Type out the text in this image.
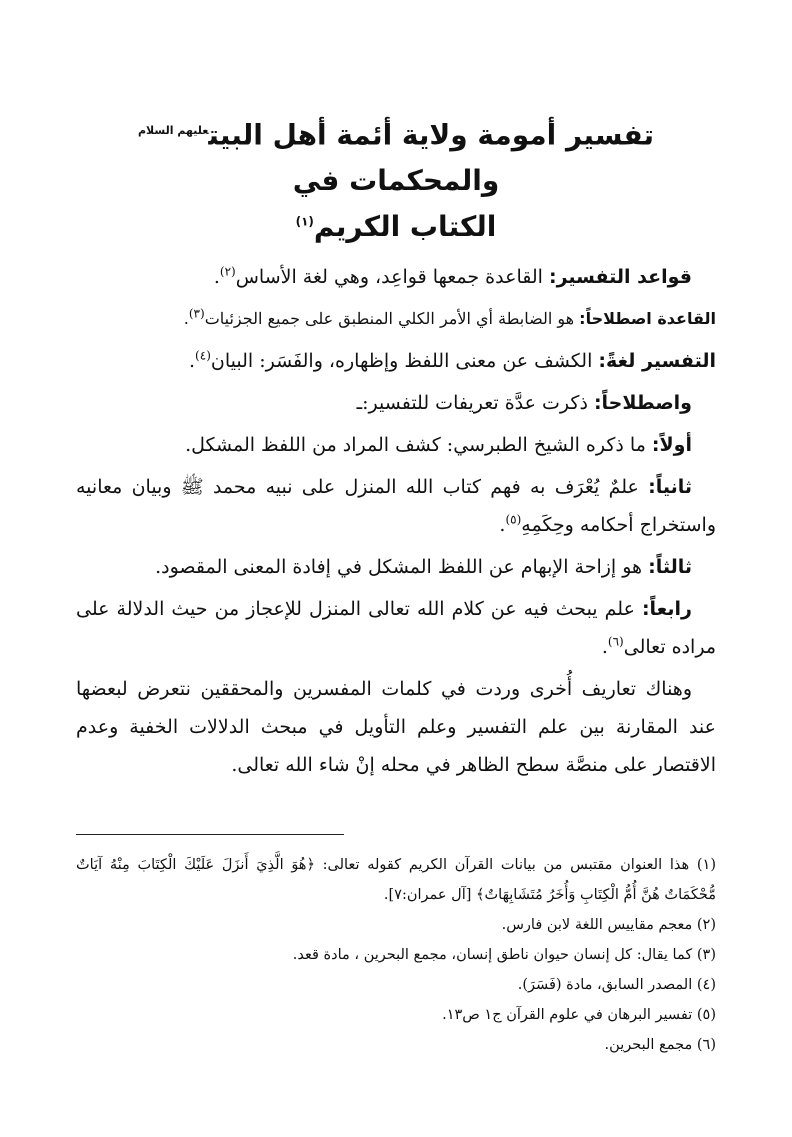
تفسير أمومة ولاية أئمة أهل البيت$^{عليهم السلام}$ والمحكمات في
الكتاب الكريم$^{(١)}$

قواعد التفسير: القاعدة جمعها قواعِد، وهي لغة الأساس$^{(٢)}$.

القاعدة اصطلاحاً: هو الضابطة أي الأمر الكلي المنطبق على جميع الجزئيات$^{(٣)}$.

التفسير لغةً: الكشف عن معنى اللفظ وإظهاره، والفَسَر: البيان$^{(٤)}$.

واصطلاحاً: ذكرت عدَّة تعريفات للتفسير:ـ

أولاً: ما ذكره الشيخ الطبرسي: كشف المراد من اللفظ المشكل.

ثانياً: علمٌ يُعْرَف به فهم كتاب الله المنزل على نبيه محمد ﷺ وبيان معانيه واستخراج أحكامه وحِكَمِهِ$^{(٥)}$.

ثالثاً: هو إزاحة الإبهام عن اللفظ المشكل في إفادة المعنى المقصود.

رابعاً: علم يبحث فيه عن كلام الله تعالى المنزل للإعجاز من حيث الدلالة على مراده تعالى$^{(٦)}$.

وهناك تعاريف أُخرى وردت في كلمات المفسرين والمحققين نتعرض لبعضها عند المقارنة بين علم التفسير وعلم التأويل في مبحث الدلالات الخفية وعدم الاقتصار على منصَّة سطح الظاهر في محله إنْ شاء الله تعالى.

(١) هذا العنوان مقتبس من بيانات القرآن الكريم كقوله تعالى: ﴿هُوَ الَّذِيَ أَنزَلَ عَلَيْكَ الْكِتَابَ مِنْهُ آيَاتٌ مُّحْكَمَاتٌ هُنَّ أُمُّ الْكِتَابِ وَأُخَرُ مُتَشَابِهَاتٌ﴾ [آل عمران:٧].

(٢) معجم مقاييس اللغة لابن فارس.

(٣) كما يقال: كل إنسان حيوان ناطق إنسان، مجمع البحرين ، مادة قعد.

(٤) المصدر السابق، مادة (فَسَرَ).

(٥) تفسير البرهان في علوم القرآن ج١ ص١٣.

(٦) مجمع البحرين.
